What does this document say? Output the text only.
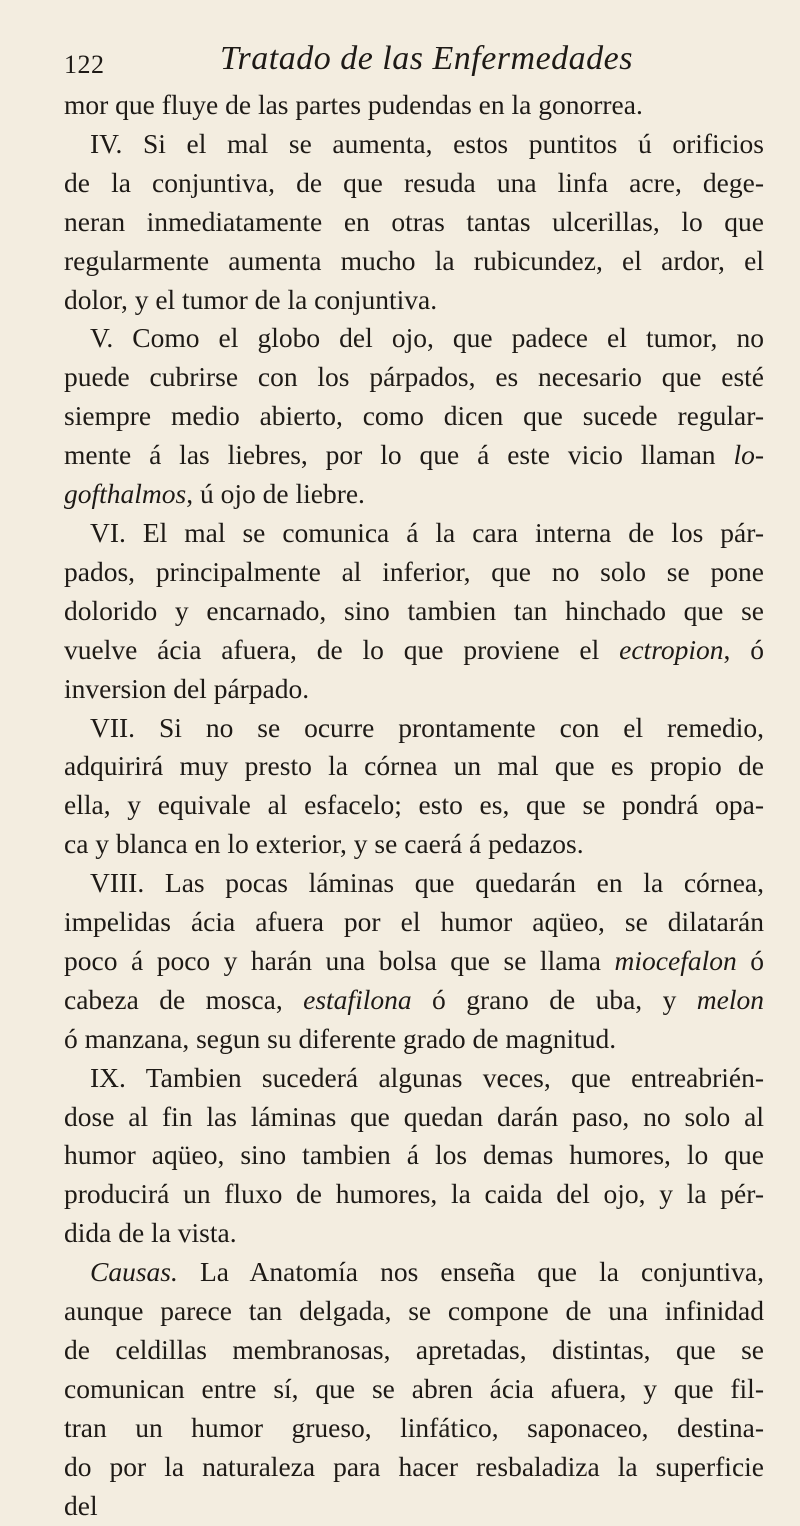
122	Tratado de las Enfermedades
mor que fluye de las partes pudendas en la gonorrea.
IV. Si el mal se aumenta, estos puntitos ú orificios
de la conjuntiva, de que resuda una linfa acre, dege-
neran inmediatamente en otras tantas ulcerillas, lo que
regularmente aumenta mucho la rubicundez, el ardor, el
dolor, y el tumor de la conjuntiva.
V. Como el globo del ojo, que padece el tumor, no
puede cubrirse con los párpados, es necesario que esté
siempre medio abierto, como dicen que sucede regular-
mente á las liebres, por lo que á este vicio llaman lo-
gofthalmos, ú ojo de liebre.
VI. El mal se comunica á la cara interna de los pár-
pados, principalmente al inferior, que no solo se pone
dolorido y encarnado, sino tambien tan hinchado que se
vuelve ácia afuera, de lo que proviene el ectropion, ó
inversion del párpado.
VII. Si no se ocurre prontamente con el remedio,
adquirirá muy presto la córnea un mal que es propio de
ella, y equivale al esfacelo; esto es, que se pondrá opa-
ca y blanca en lo exterior, y se caerá á pedazos.
VIII. Las pocas láminas que quedarán en la córnea,
impelidas ácia afuera por el humor aqüeo, se dilatarán
poco á poco y harán una bolsa que se llama miocefalon ó
cabeza de mosca, estafilona ó grano de uba, y melon
ó manzana, segun su diferente grado de magnitud.
IX. Tambien sucederá algunas veces, que entreabrién-
dose al fin las láminas que quedan darán paso, no solo al
humor aqüeo, sino tambien á los demas humores, lo que
producirá un fluxo de humores, la caida del ojo, y la pér-
dida de la vista.
Causas. La Anatomía nos enseña que la conjuntiva,
aunque parece tan delgada, se compone de una infinidad
de celdillas membranosas, apretadas, distintas, que se
comunican entre sí, que se abren ácia afuera, y que fil-
tran un humor grueso, linfático, saponaceo, destina-
do por la naturaleza para hacer resbaladiza la superficie
del
